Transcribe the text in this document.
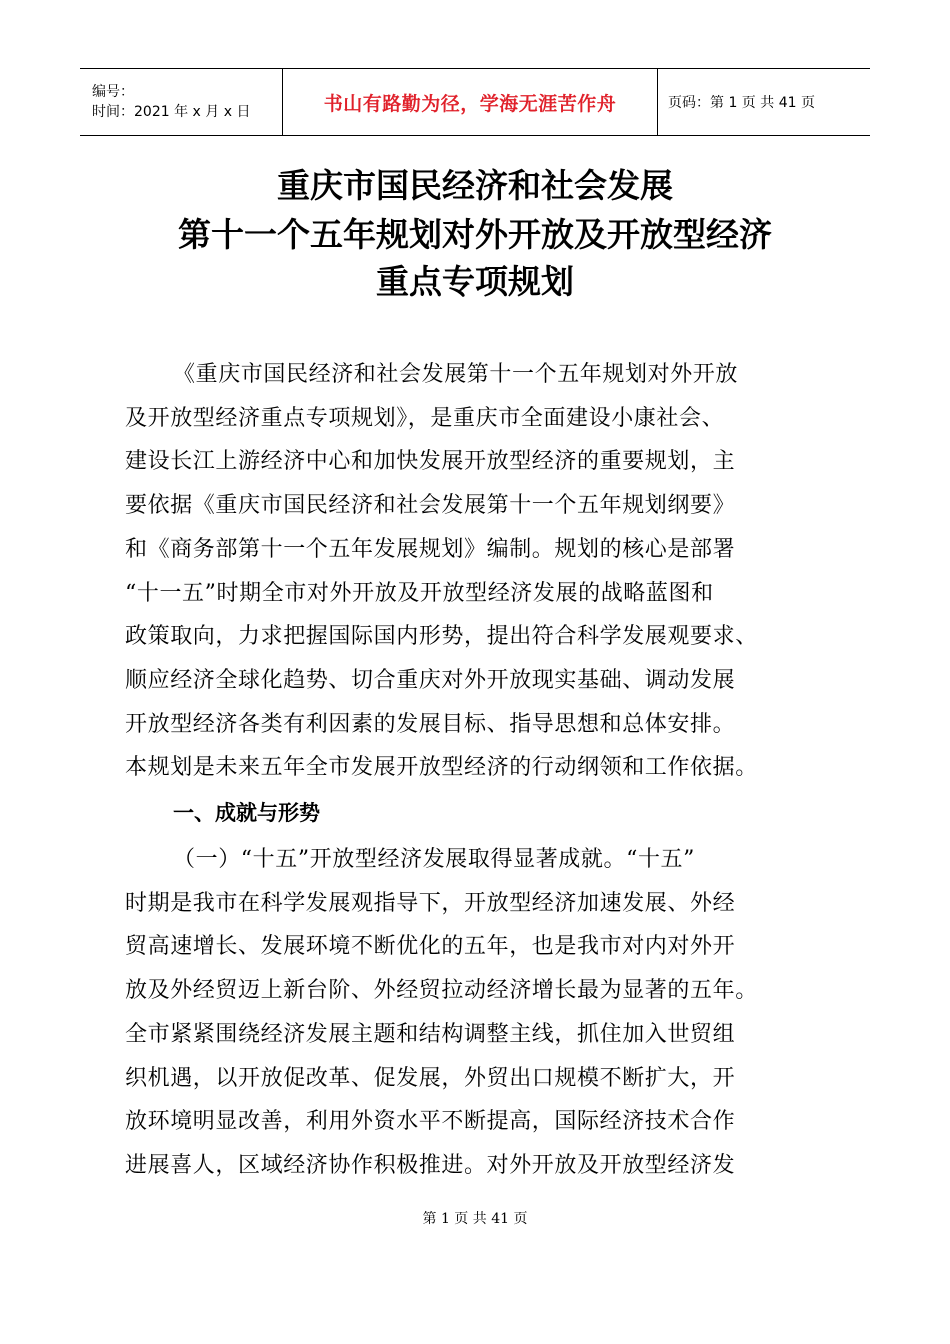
编号：
时间：2021 年 x 月 x 日	书山有路勤为径，学海无涯苦作舟	页码：第 1 页 共 41 页
重庆市国民经济和社会发展
第十一个五年规划对外开放及开放型经济
重点专项规划
《重庆市国民经济和社会发展第十一个五年规划对外开放
及开放型经济重点专项规划》，是重庆市全面建设小康社会、
建设长江上游经济中心和加快发展开放型经济的重要规划，主
要依据《重庆市国民经济和社会发展第十一个五年规划纲要》
和《商务部第十一个五年发展规划》编制。规划的核心是部署
“十一五”时期全市对外开放及开放型经济发展的战略蓝图和
政策取向，力求把握国际国内形势，提出符合科学发展观要求、
顺应经济全球化趋势、切合重庆对外开放现实基础、调动发展
开放型经济各类有利因素的发展目标、指导思想和总体安排。
本规划是未来五年全市发展开放型经济的行动纲领和工作依据。
一、成就与形势
（一）“十五”开放型经济发展取得显著成就。“十五”
时期是我市在科学发展观指导下，开放型经济加速发展、外经
贸高速增长、发展环境不断优化的五年，也是我市对内对外开
放及外经贸迈上新台阶、外经贸拉动经济增长最为显著的五年。
全市紧紧围绕经济发展主题和结构调整主线，抓住加入世贸组
织机遇，以开放促改革、促发展，外贸出口规模不断扩大，开
放环境明显改善，利用外资水平不断提高，国际经济技术合作
进展喜人，区域经济协作积极推进。对外开放及开放型经济发
第 1 页 共 41 页
